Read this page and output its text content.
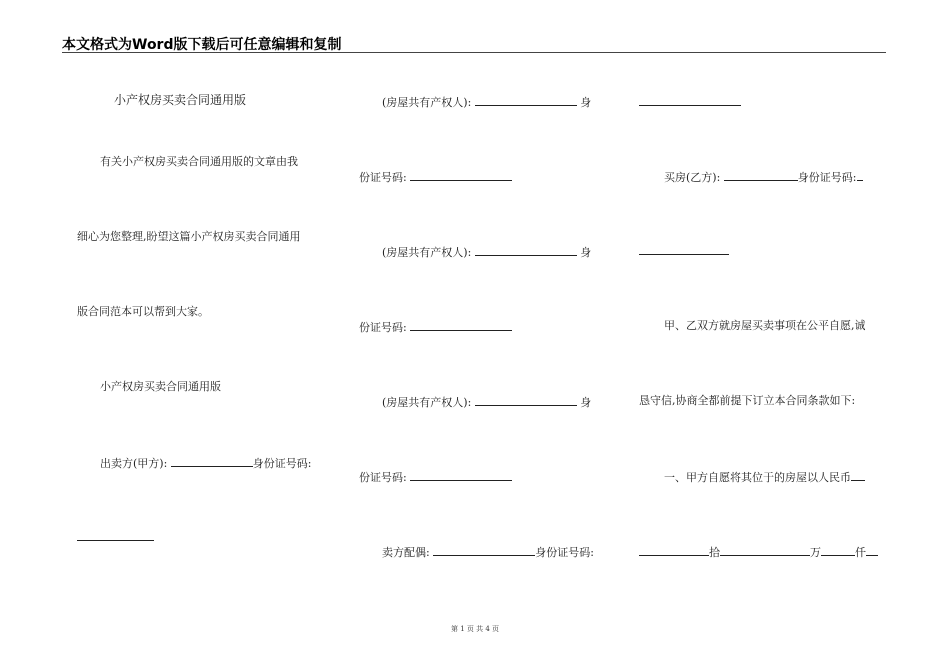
本文格式为Word版下载后可任意编辑和复制
小产权房买卖合同通用版
有关小产权房买卖合同通用版的文章由我
细心为您整理,盼望这篇小产权房买卖合同通用
版合同范本可以帮到大家。
小产权房买卖合同通用版
出卖方(甲方):	身份证号码:
(房屋共有产权人):	身
份证号码:
(房屋共有产权人):	身
份证号码:
(房屋共有产权人):	身
份证号码:
卖方配偶:	身份证号码:
买房(乙方):	身份证号码:
甲、乙双方就房屋买卖事项在公平自愿,诚
恳守信,协商全都前提下订立本合同条款如下:
一、甲方自愿将其位于的房屋以人民币
拾	万	仟
第 1 页 共 4 页
